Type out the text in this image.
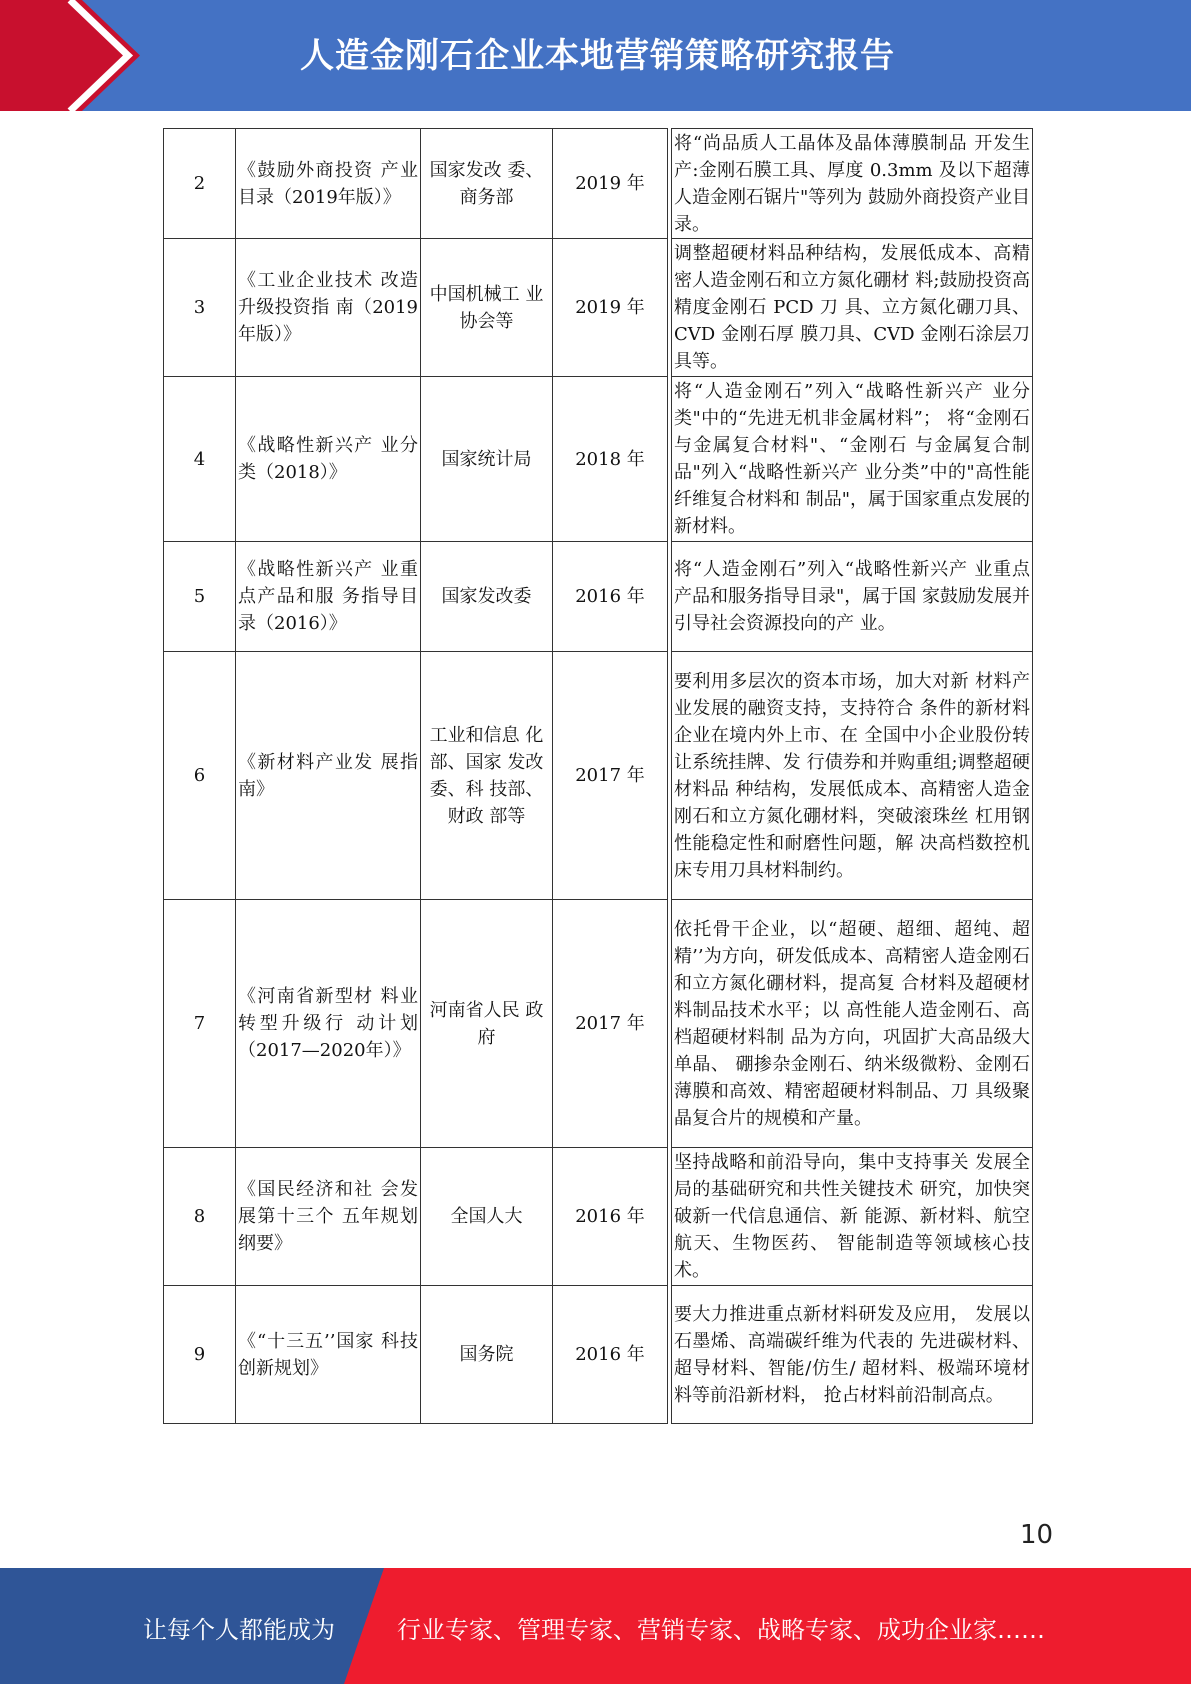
人造金刚石企业本地营销策略研究报告
2	《鼓励外商投资 产业目录（2019年版）》	国家发改 委、商务部	2019 年		将“尚品质人工晶体及晶体薄膜制品 开发生产:金刚石膜工具、厚度 0.3mm 及以下超薄人造金刚石锯片"等列为 鼓励外商投资产业目录。
3	《工业企业技术 改造升级投资指 南（2019年版）》	中国机械工 业协会等	2019 年		调整超硬材料品种结构，发展低成本、高精密人造金刚石和立方氮化硼材 料;鼓励投资高精度金刚石 PCD 刀 具、立方氮化硼刀具、CVD 金刚石厚 膜刀具、CVD 金刚石涂层刀具等。
4	《战略性新兴产 业分类（2018）》	国家统计局	2018 年		将“人造金刚石”列入“战略性新兴产 业分类"中的“先进无机非金属材料”； 将“金刚石与金属复合材料"、“金刚石 与金属复合制品"列入“战略性新兴产 业分类”中的"高性能纤维复合材料和 制品"，属于国家重点发展的新材料。
5	《战略性新兴产 业重点产品和服 务指导目录（2016）》	国家发改委	2016 年		将“人造金刚石”列入“战略性新兴产 业重点产品和服务指导目录"，属于国 家鼓励发展并引导社会资源投向的产 业。
6	《新材料产业发 展指南》	工业和信息 化部、国家 发改委、科 技部、财政 部等	2017 年		要利用多层次的资本市场，加大对新 材料产业发展的融资支持，支持符合 条件的新材料企业在境内外上市、在 全国中小企业股份转让系统挂牌、发 行债券和并购重组;调整超硬材料品 种结构，发展低成本、高精密人造金 刚石和立方氮化硼材料，突破滚珠丝 杠用钢性能稳定性和耐磨性问题，解 决高档数控机床专用刀具材料制约。
7	《河南省新型材 料业转型升级行 动计划（2017—2020年）》	河南省人民 政府	2017 年		依托骨干企业，以“超硬、超细、超纯、超精’’为方向，研发低成本、高精密人造金刚石和立方氮化硼材料，提高复 合材料及超硬材料制品技术水平；以 高性能人造金刚石、高档超硬材料制 品为方向，巩固扩大高品级大单晶、 硼掺杂金刚石、纳米级微粉、金刚石 薄膜和高效、精密超硬材料制品、刀 具级聚晶复合片的规模和产量。
8	《国民经济和社 会发展第十三个 五年规划纲要》	全国人大	2016 年		坚持战略和前沿导向，集中支持事关 发展全局的基础研究和共性关键技术 研究，加快突破新一代信息通信、新 能源、新材料、航空航天、生物医药、 智能制造等领域核心技术。
9	《“十三五’’国家 科技创新规划》	国务院	2016 年		要大力推进重点新材料研发及应用， 发展以石墨烯、高端碳纤维为代表的 先进碳材料、超导材料、智能/仿生/ 超材料、极端环境材料等前沿新材料， 抢占材料前沿制高点。
10
让每个人都能成为	行业专家、管理专家、营销专家、战略专家、成功企业家……
